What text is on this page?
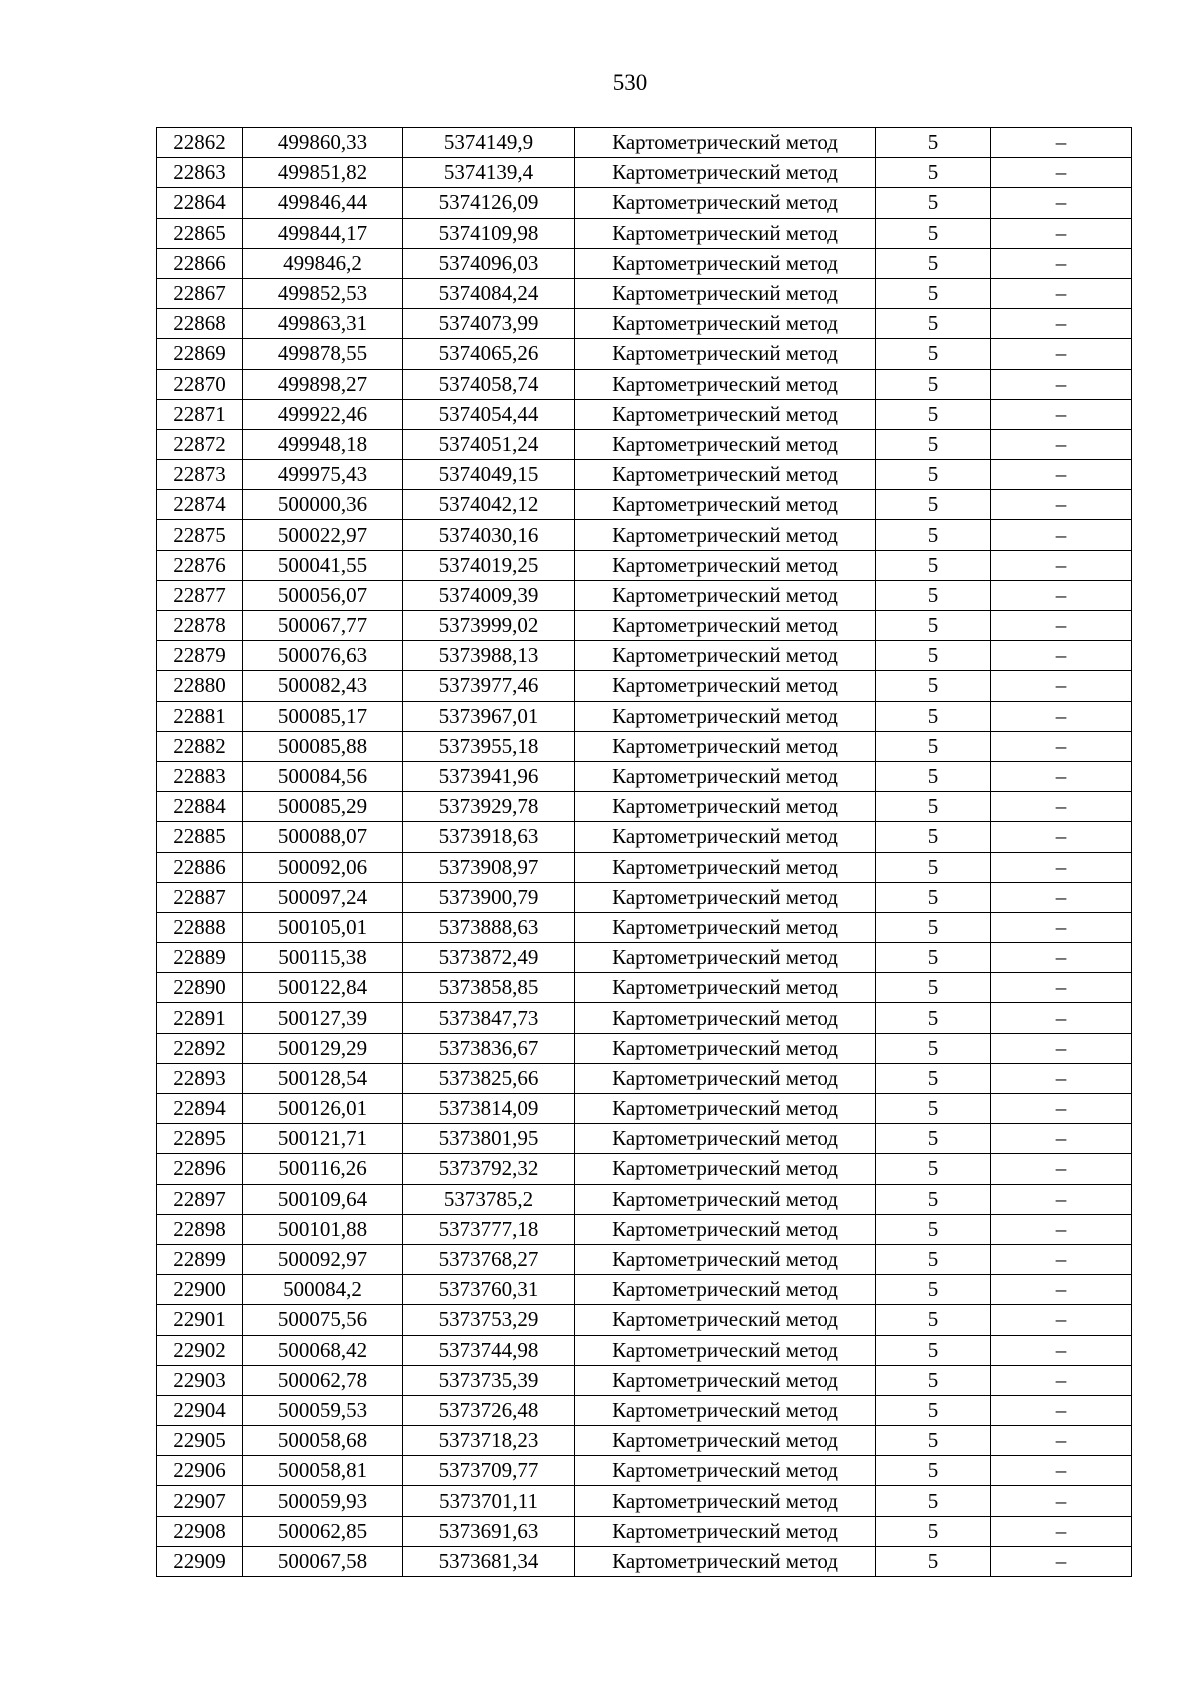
530
22862	499860,33	5374149,9	Картометрический метод	5	–
22863	499851,82	5374139,4	Картометрический метод	5	–
22864	499846,44	5374126,09	Картометрический метод	5	–
22865	499844,17	5374109,98	Картометрический метод	5	–
22866	499846,2	5374096,03	Картометрический метод	5	–
22867	499852,53	5374084,24	Картометрический метод	5	–
22868	499863,31	5374073,99	Картометрический метод	5	–
22869	499878,55	5374065,26	Картометрический метод	5	–
22870	499898,27	5374058,74	Картометрический метод	5	–
22871	499922,46	5374054,44	Картометрический метод	5	–
22872	499948,18	5374051,24	Картометрический метод	5	–
22873	499975,43	5374049,15	Картометрический метод	5	–
22874	500000,36	5374042,12	Картометрический метод	5	–
22875	500022,97	5374030,16	Картометрический метод	5	–
22876	500041,55	5374019,25	Картометрический метод	5	–
22877	500056,07	5374009,39	Картометрический метод	5	–
22878	500067,77	5373999,02	Картометрический метод	5	–
22879	500076,63	5373988,13	Картометрический метод	5	–
22880	500082,43	5373977,46	Картометрический метод	5	–
22881	500085,17	5373967,01	Картометрический метод	5	–
22882	500085,88	5373955,18	Картометрический метод	5	–
22883	500084,56	5373941,96	Картометрический метод	5	–
22884	500085,29	5373929,78	Картометрический метод	5	–
22885	500088,07	5373918,63	Картометрический метод	5	–
22886	500092,06	5373908,97	Картометрический метод	5	–
22887	500097,24	5373900,79	Картометрический метод	5	–
22888	500105,01	5373888,63	Картометрический метод	5	–
22889	500115,38	5373872,49	Картометрический метод	5	–
22890	500122,84	5373858,85	Картометрический метод	5	–
22891	500127,39	5373847,73	Картометрический метод	5	–
22892	500129,29	5373836,67	Картометрический метод	5	–
22893	500128,54	5373825,66	Картометрический метод	5	–
22894	500126,01	5373814,09	Картометрический метод	5	–
22895	500121,71	5373801,95	Картометрический метод	5	–
22896	500116,26	5373792,32	Картометрический метод	5	–
22897	500109,64	5373785,2	Картометрический метод	5	–
22898	500101,88	5373777,18	Картометрический метод	5	–
22899	500092,97	5373768,27	Картометрический метод	5	–
22900	500084,2	5373760,31	Картометрический метод	5	–
22901	500075,56	5373753,29	Картометрический метод	5	–
22902	500068,42	5373744,98	Картометрический метод	5	–
22903	500062,78	5373735,39	Картометрический метод	5	–
22904	500059,53	5373726,48	Картометрический метод	5	–
22905	500058,68	5373718,23	Картометрический метод	5	–
22906	500058,81	5373709,77	Картометрический метод	5	–
22907	500059,93	5373701,11	Картометрический метод	5	–
22908	500062,85	5373691,63	Картометрический метод	5	–
22909	500067,58	5373681,34	Картометрический метод	5	–
